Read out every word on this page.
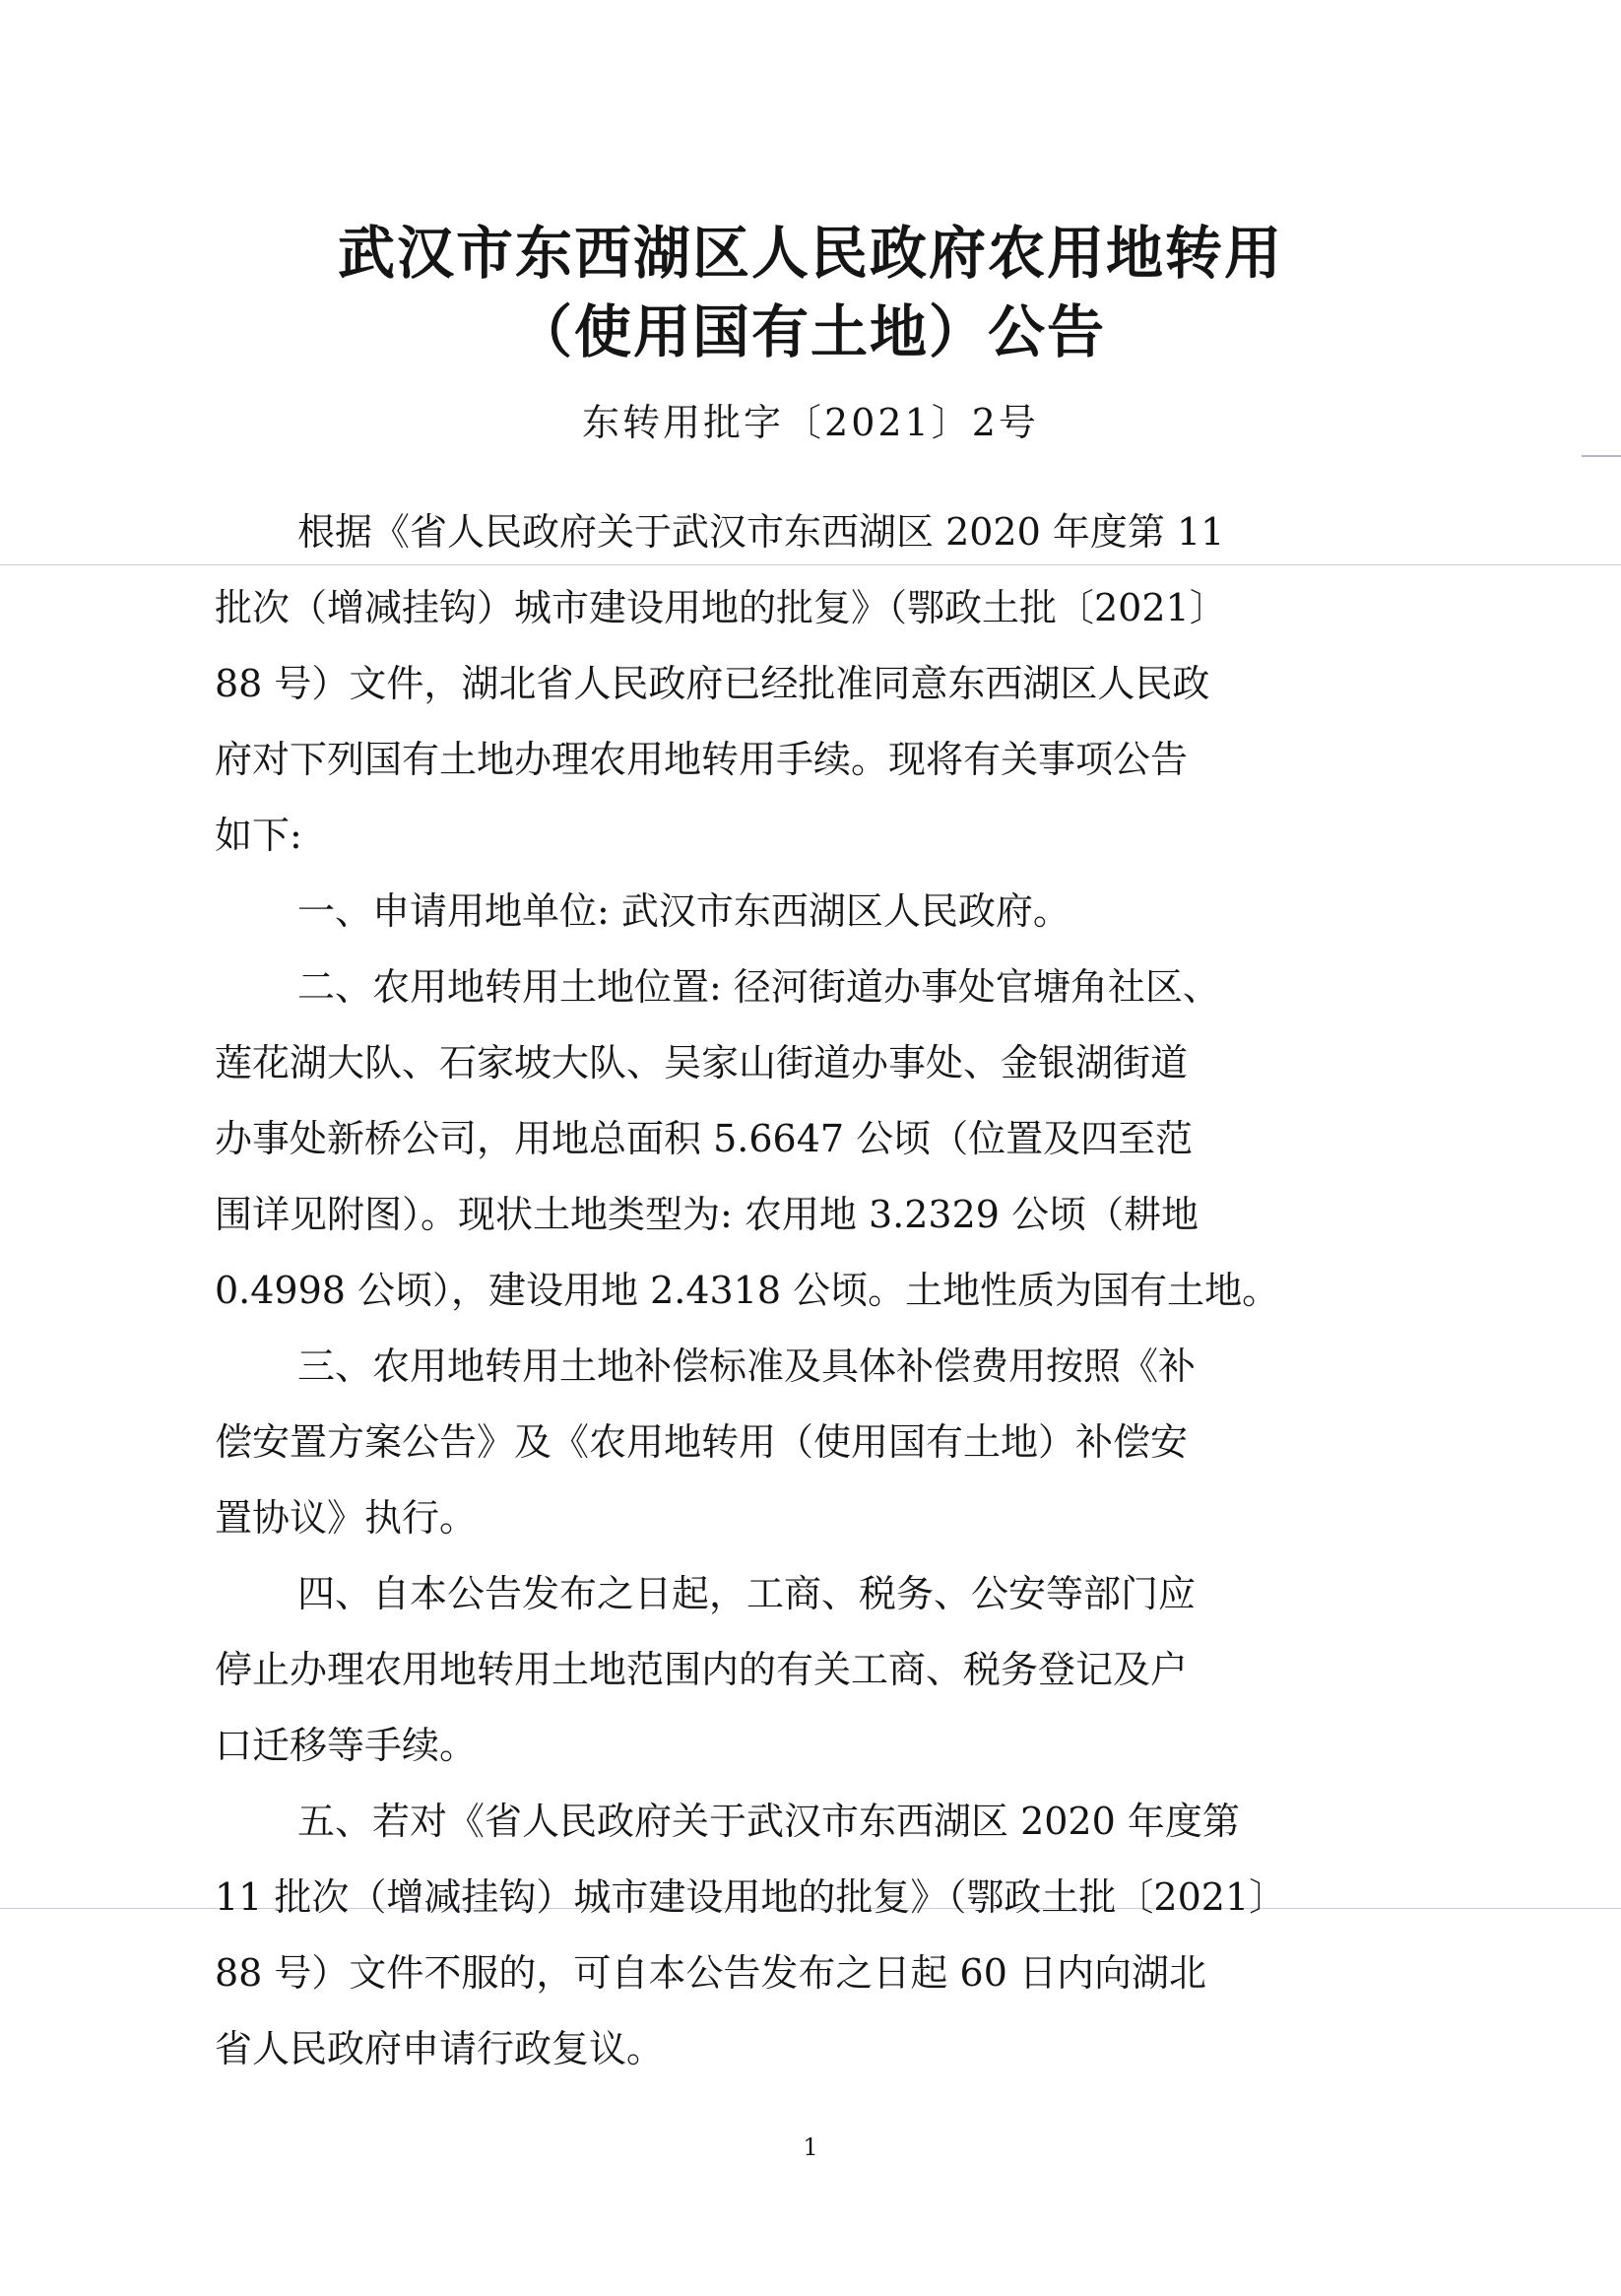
武汉市东西湖区人民政府农用地转用
（使用国有土地）公告
东转用批字〔2021〕2号
根据《省人民政府关于武汉市东西湖区 2020 年度第 11
批次（增减挂钩）城市建设用地的批复》（鄂政土批〔2021〕
88 号）文件，湖北省人民政府已经批准同意东西湖区人民政
府对下列国有土地办理农用地转用手续。现将有关事项公告
如下:
一、申请用地单位: 武汉市东西湖区人民政府。
二、农用地转用土地位置: 径河街道办事处官塘角社区、
莲花湖大队、石家坡大队、吴家山街道办事处、金银湖街道
办事处新桥公司，用地总面积 5.6647 公顷（位置及四至范
围详见附图）。现状土地类型为: 农用地 3.2329 公顷（耕地
0.4998 公顷），建设用地 2.4318 公顷。土地性质为国有土地。
三、农用地转用土地补偿标准及具体补偿费用按照《补
偿安置方案公告》及《农用地转用（使用国有土地）补偿安
置协议》执行。
四、自本公告发布之日起，工商、税务、公安等部门应
停止办理农用地转用土地范围内的有关工商、税务登记及户
口迁移等手续。
五、若对《省人民政府关于武汉市东西湖区 2020 年度第
11 批次（增减挂钩）城市建设用地的批复》（鄂政土批〔2021〕
88 号）文件不服的，可自本公告发布之日起 60 日内向湖北
省人民政府申请行政复议。
1
